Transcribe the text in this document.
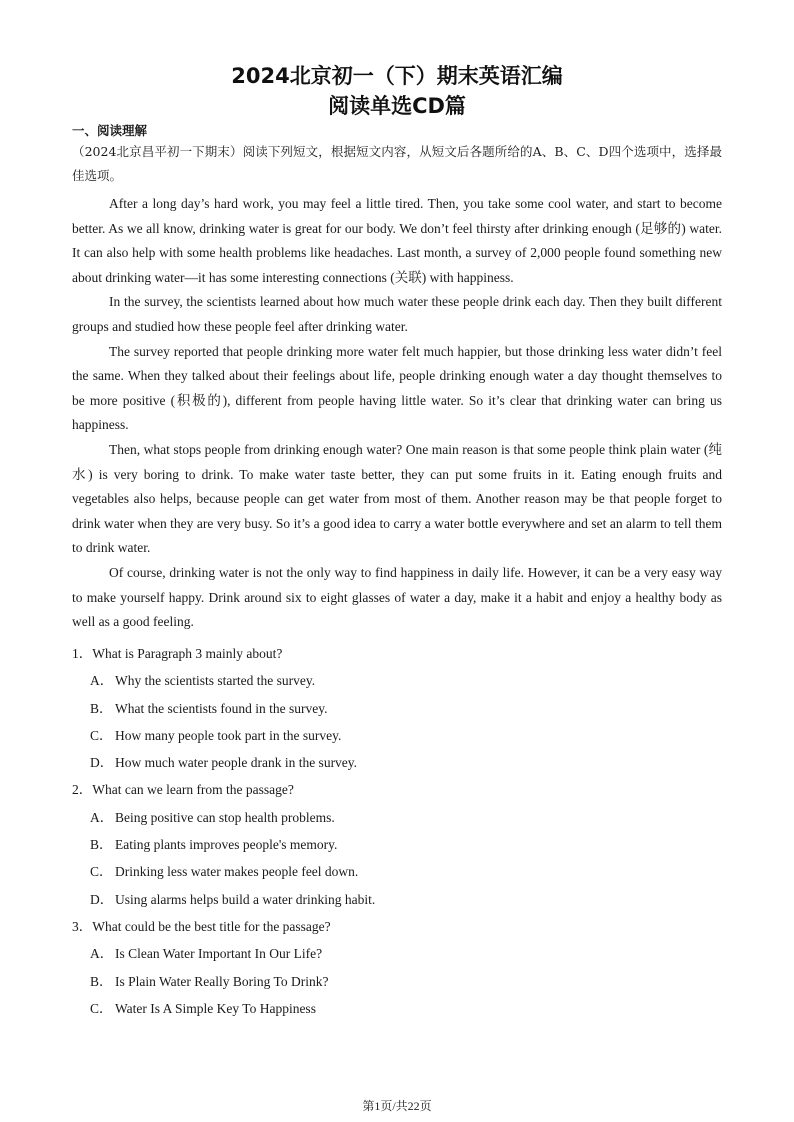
2024北京初一（下）期末英语汇编
阅读单选CD篇
一、阅读理解
（2024北京昌平初一下期末）阅读下列短文，根据短文内容，从短文后各题所给的A、B、C、D四个选项中，选择最佳选项。

After a long day’s hard work, you may feel a little tired. Then, you take some cool water, and start to become better. As we all know, drinking water is great for our body. We don’t feel thirsty after drinking enough (足够的) water. It can also help with some health problems like headaches. Last month, a survey of 2,000 people found something new about drinking water—it has some interesting connections (关联) with happiness.

In the survey, the scientists learned about how much water these people drink each day. Then they built different groups and studied how these people feel after drinking water.

The survey reported that people drinking more water felt much happier, but those drinking less water didn’t feel the same. When they talked about their feelings about life, people drinking enough water a day thought themselves to be more positive (积极的), different from people having little water. So it’s clear that drinking water can bring us happiness.

Then, what stops people from drinking enough water? One main reason is that some people think plain water (纯水) is very boring to drink. To make water taste better, they can put some fruits in it. Eating enough fruits and vegetables also helps, because people can get water from most of them. Another reason may be that people forget to drink water when they are very busy. So it’s a good idea to carry a water bottle everywhere and set an alarm to tell them to drink water.

Of course, drinking water is not the only way to find happiness in daily life. However, it can be a very easy way to make yourself happy. Drink around six to eight glasses of water a day, make it a habit and enjoy a healthy body as well as a good feeling.

1．What is Paragraph 3 mainly about?
A． Why the scientists started the survey.
B． What the scientists found in the survey.
C． How many people took part in the survey.
D． How much water people drank in the survey.
2．What can we learn from the passage?
A． Being positive can stop health problems.
B． Eating plants improves people's memory.
C． Drinking less water makes people feel down.
D． Using alarms helps build a water drinking habit.
3．What could be the best title for the passage?
A． Is Clean Water Important In Our Life?
B． Is Plain Water Really Boring To Drink?
C． Water Is A Simple Key To Happiness
第1页/共22页
